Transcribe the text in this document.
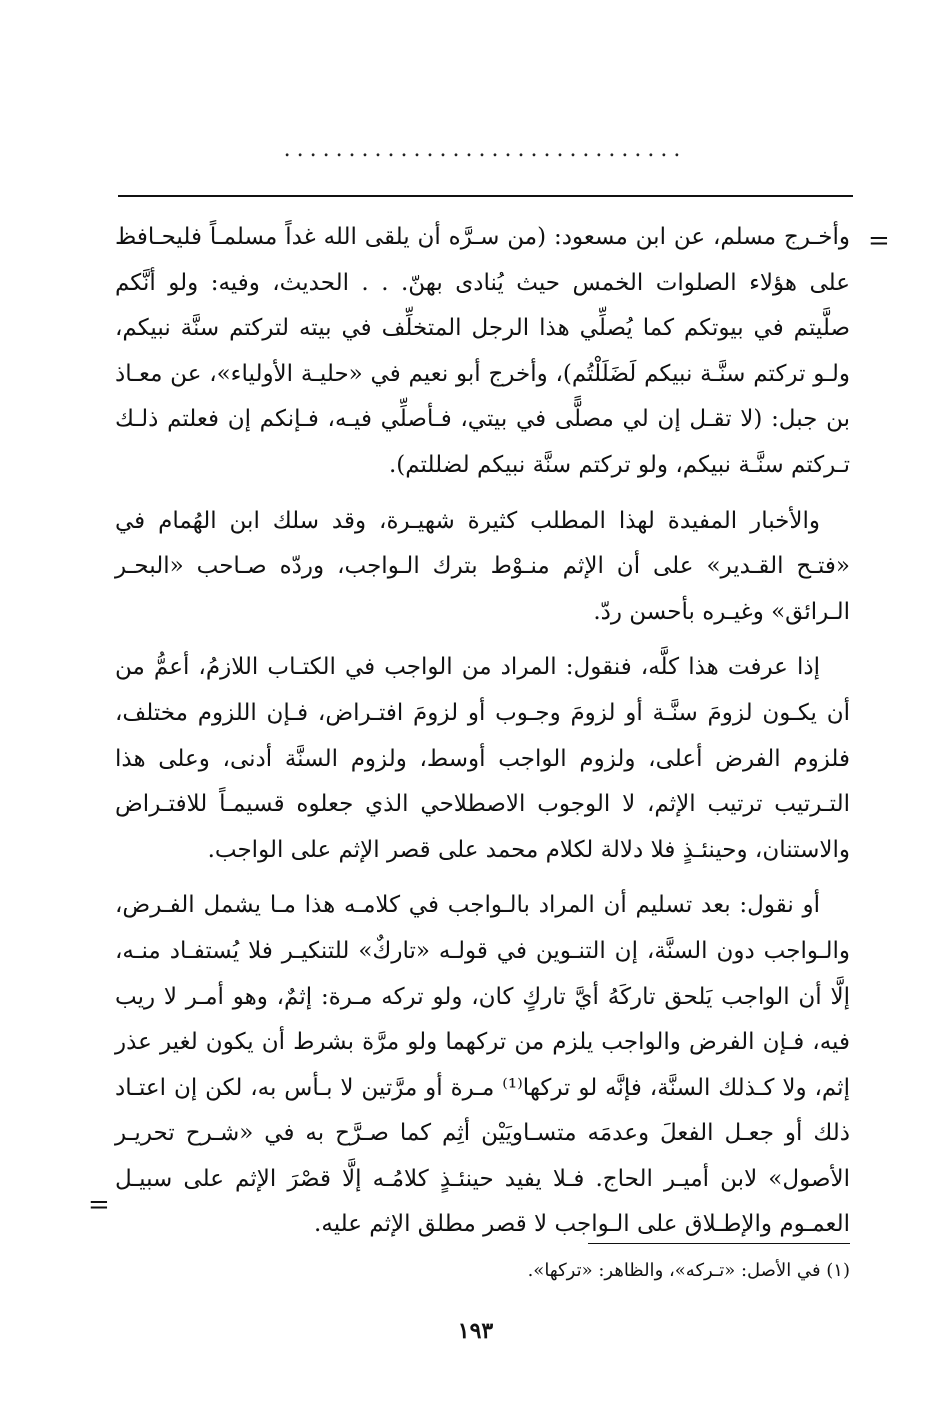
...............................
=

وأخـرج مسلم، عن ابن مسعود: (من سـرَّه أن يلقى الله غداً مسلمـاً فليحـافظ على هؤلاء الصلوات الخمس حيث يُنادى بهنّ. . . الحديث، وفيه: ولو أنَّكم صلَّيتم في بيوتكم كما يُصلِّي هذا الرجل المتخلِّف في بيته لتركتم سنَّة نبيكم، ولـو تركتم سنَّـة نبيكم لَضَلَلْتُم)، وأخرج أبو نعيم في «حليـة الأولياء»، عن معـاذ بن جبل: (لا تقـل إن لي مصلًّى في بيتي، فـأصلِّي فيـه، فـإنكم إن فعلتم ذلـك تـركتم سنَّـة نبيكم، ولو تركتم سنَّة نبيكم لضللتم).

والأخبار المفيدة لهذا المطلب كثيرة شهيـرة، وقد سلك ابن الهُمام في «فتـح القـدير» على أن الإثم منـوْط بترك الـواجب، وردّه صـاحب «البحـر الـرائق» وغيـره بأحسن ردّ.

إذا عرفت هذا كلَّه، فنقول: المراد من الواجب في الكتـاب اللازمُ، أعمُّ من أن يكـون لزومَ سنَّـة أو لزومَ وجـوب أو لزومَ افتـراض، فـإن اللزوم مختلف، فلزوم الفرض أعلى، ولزوم الواجب أوسط، ولزوم السنَّة أدنى، وعلى هذا التـرتيب ترتيب الإثم، لا الوجوب الاصطلاحي الذي جعلوه قسيمـاً للافتـراض والاستنان، وحينئـذٍ فلا دلالة لكلام محمد على قصر الإثم على الواجب.

أو نقول: بعد تسليم أن المراد بالـواجب في كلامـه هذا مـا يشمل الفـرض، والـواجب دون السنَّة، إن التنـوين في قولـه «تاركٌ» للتنكيـر فلا يُستفـاد منـه، إلَّا أن الواجب يَلحق تاركَهُ أيَّ تاركٍ كان، ولو تركه مـرة: إثمٌ، وهو أمـر لا ريب فيه، فـإن الفرض والواجب يلزم من تركهما ولو مرَّة بشرط أن يكون لغير عذر إثم، ولا كـذلك السنَّة، فإنَّه لو تركها⁽¹⁾ مـرة أو مرَّتين لا بـأس به، لكن إن اعتـاد ذلك أو جعـل الفعلَ وعدمَه متسـاويَيْن أثِم كما صـرَّح به في «شـرح تحريـر الأصول» لابن أميـر الحاج. فـلا يفيد حينئـذٍ كلامُـه إلَّا قصْرَ الإثم على سبيـل العمـوم والإطـلاق على الـواجب لا قصر مطلق الإثم عليه.

=
(١) في الأصل: «تـركه»، والظاهر: «تركها».
١٩٣
